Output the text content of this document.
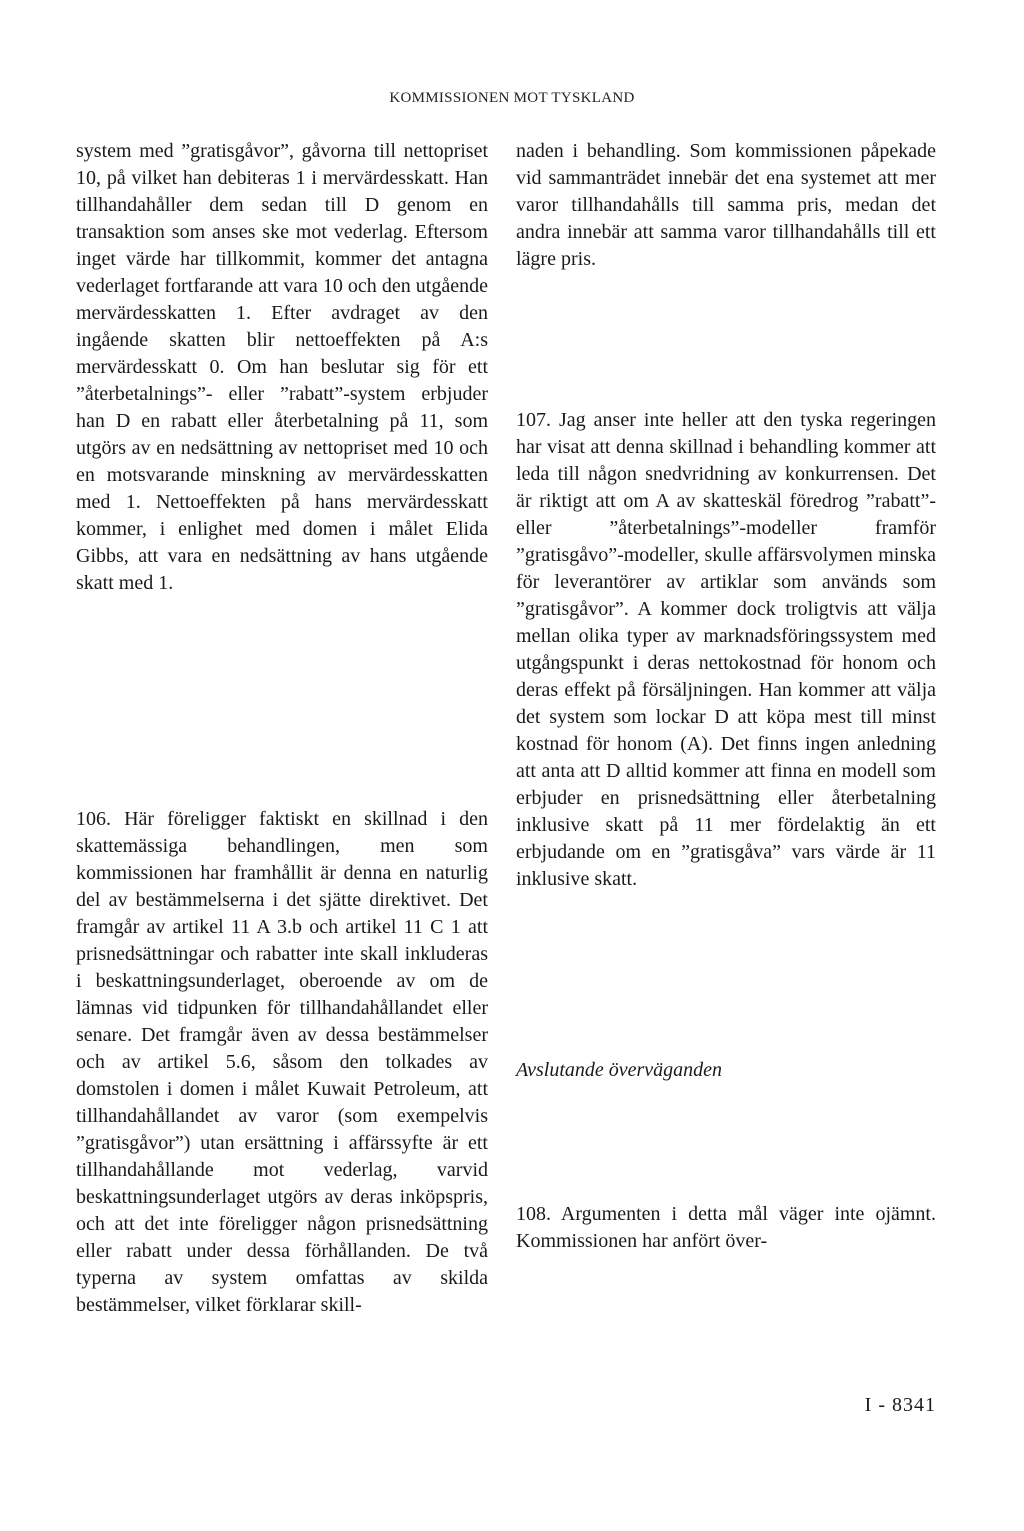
KOMMISSIONEN MOT TYSKLAND

system med ”gratisgåvor”, gåvorna till nettopriset 10, på vilket han debiteras 1 i mervärdesskatt. Han tillhandahåller dem sedan till D genom en transaktion som anses ske mot vederlag. Eftersom inget värde har tillkommit, kommer det antagna vederlaget fortfarande att vara 10 och den utgående mervärdesskatten 1. Efter avdraget av den ingående skatten blir nettoeffekten på A:s mervärdesskatt 0. Om han beslutar sig för ett ”återbetalnings”- eller ”rabatt”-system erbjuder han D en rabatt eller återbetalning på 11, som utgörs av en nedsättning av nettopriset med 10 och en motsvarande minskning av mervärdesskatten med 1. Nettoeffekten på hans mervärdesskatt kommer, i enlighet med domen i målet Elida Gibbs, att vara en nedsättning av hans utgående skatt med 1.

106. Här föreligger faktiskt en skillnad i den skattemässiga behandlingen, men som kommissionen har framhållit är denna en naturlig del av bestämmelserna i det sjätte direktivet. Det framgår av artikel 11 A 3.b och artikel 11 C 1 att prisnedsättningar och rabatter inte skall inkluderas i beskattningsunderlaget, oberoende av om de lämnas vid tidpunken för tillhandahållandet eller senare. Det framgår även av dessa bestämmelser och av artikel 5.6, såsom den tolkades av domstolen i domen i målet Kuwait Petroleum, att tillhandahållandet av varor (som exempelvis ”gratisgåvor”) utan ersättning i affärssyfte är ett tillhandahållande mot vederlag, varvid beskattningsunderlaget utgörs av deras inköpspris, och att det inte föreligger någon prisnedsättning eller rabatt under dessa förhållanden. De två typerna av system omfattas av skilda bestämmelser, vilket förklarar skill-

naden i behandling. Som kommissionen påpekade vid sammanträdet innebär det ena systemet att mer varor tillhandahålls till samma pris, medan det andra innebär att samma varor tillhandahålls till ett lägre pris.

107. Jag anser inte heller att den tyska regeringen har visat att denna skillnad i behandling kommer att leda till någon snedvridning av konkurrensen. Det är riktigt att om A av skatteskäl föredrog ”rabatt”- eller ”återbetalnings”-modeller framför ”gratisgåvo”-modeller, skulle affärsvolymen minska för leverantörer av artiklar som används som ”gratisgåvor”. A kommer dock troligtvis att välja mellan olika typer av marknadsföringssystem med utgångspunkt i deras nettokostnad för honom och deras effekt på försäljningen. Han kommer att välja det system som lockar D att köpa mest till minst kostnad för honom (A). Det finns ingen anledning att anta att D alltid kommer att finna en modell som erbjuder en prisnedsättning eller återbetalning inklusive skatt på 11 mer fördelaktig än ett erbjudande om en ”gratisgåva” vars värde är 11 inklusive skatt.

Avslutande överväganden

108. Argumenten i detta mål väger inte ojämnt. Kommissionen har anfört över-

I - 8341
